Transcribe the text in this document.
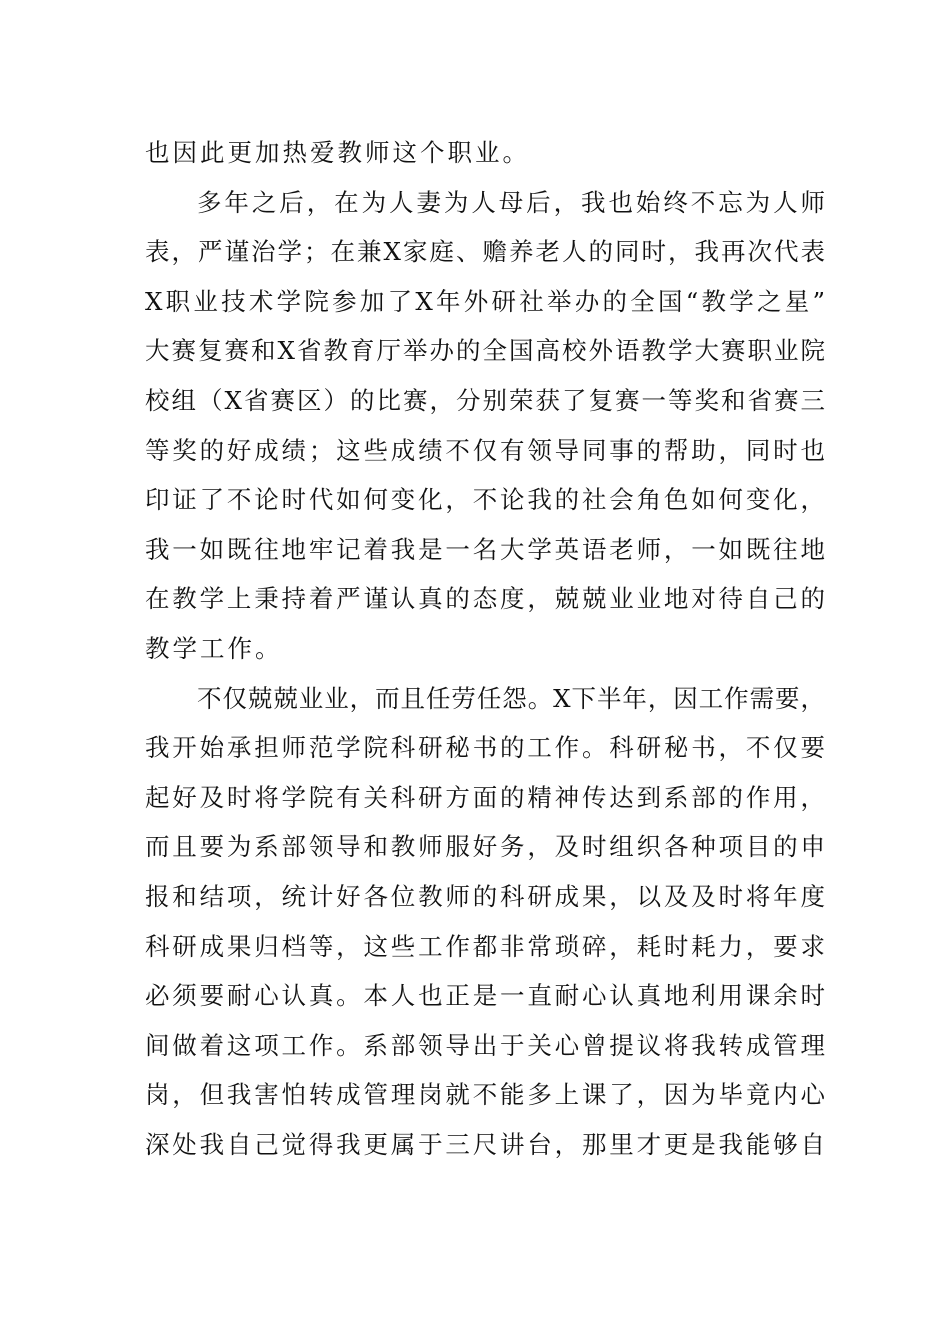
也因此更加热爱教师这个职业。
多年之后，在为人妻为人母后，我也始终不忘为人师
表，严谨治学；在兼X家庭、赡养老人的同时，我再次代表
X职业技术学院参加了X年外研社举办的全国“教学之星”
大赛复赛和X省教育厅举办的全国高校外语教学大赛职业院
校组（X省赛区）的比赛，分别荣获了复赛一等奖和省赛三
等奖的好成绩；这些成绩不仅有领导同事的帮助，同时也
印证了不论时代如何变化，不论我的社会角色如何变化，
我一如既往地牢记着我是一名大学英语老师，一如既往地
在教学上秉持着严谨认真的态度，兢兢业业地对待自己的
教学工作。
不仅兢兢业业，而且任劳任怨。X下半年，因工作需要，
我开始承担师范学院科研秘书的工作。科研秘书，不仅要
起好及时将学院有关科研方面的精神传达到系部的作用，
而且要为系部领导和教师服好务，及时组织各种项目的申
报和结项，统计好各位教师的科研成果，以及及时将年度
科研成果归档等，这些工作都非常琐碎，耗时耗力，要求
必须要耐心认真。本人也正是一直耐心认真地利用课余时
间做着这项工作。系部领导出于关心曾提议将我转成管理
岗，但我害怕转成管理岗就不能多上课了，因为毕竟内心
深处我自己觉得我更属于三尺讲台，那里才更是我能够自
